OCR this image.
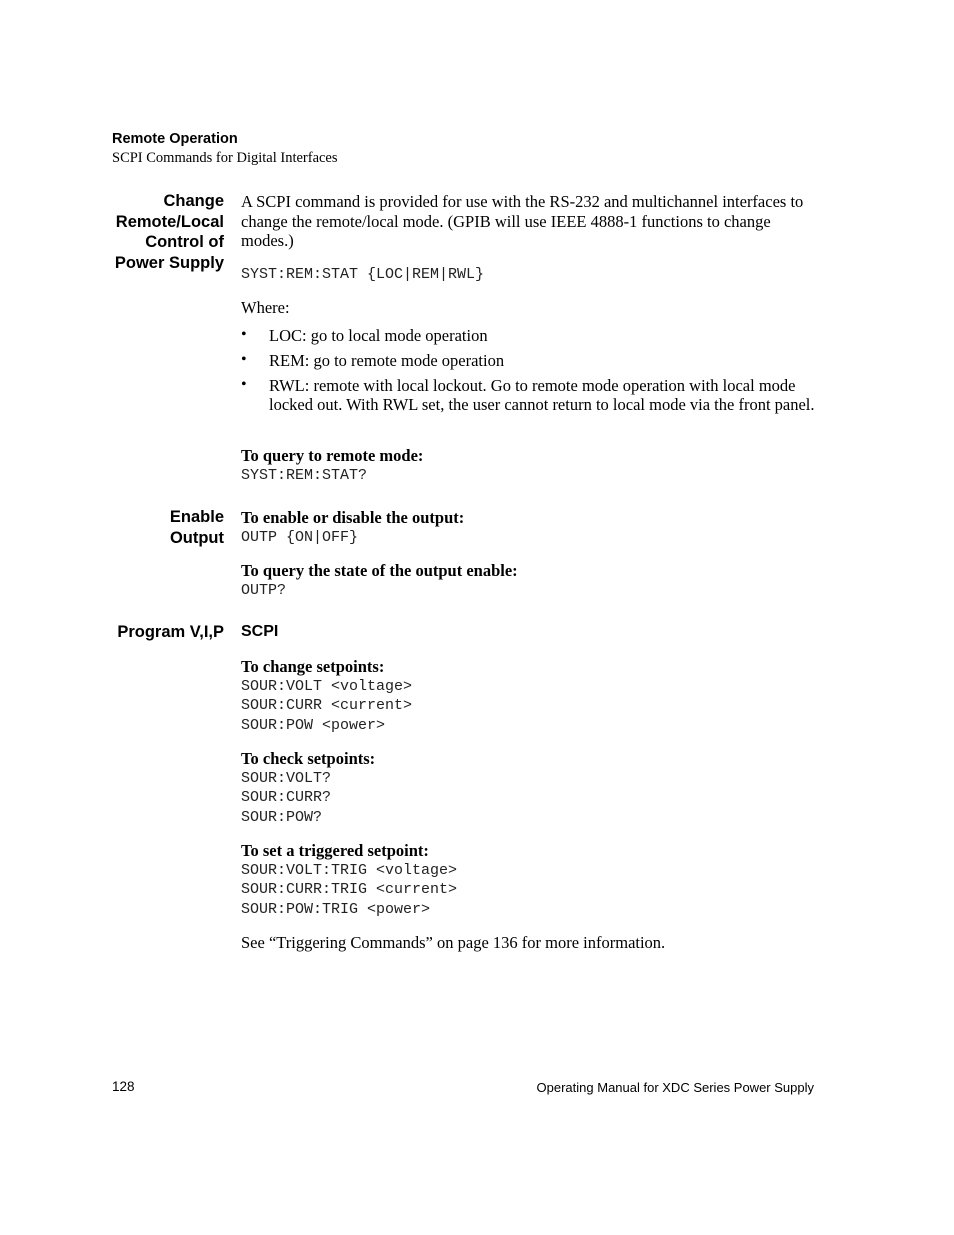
Remote Operation
SCPI Commands for Digital Interfaces
Change
Remote/Local
Control of
Power Supply

A SCPI command is provided for use with the RS-232 and multichannel interfaces to change the remote/local mode. (GPIB will use IEEE 4888-1 functions to change modes.)

SYST:REM:STAT {LOC|REM|RWL}

Where:

• LOC: go to local mode operation
• REM: go to remote mode operation
• RWL: remote with local lockout. Go to remote mode operation with local mode locked out. With RWL set, the user cannot return to local mode via the front panel.

To query to remote mode:

SYST:REM:STAT?

Enable
Output

To enable or disable the output:

OUTP {ON|OFF}

To query the state of the output enable:

OUTP?

Program V,I,P SCPI

To change setpoints:

SOUR:VOLT <voltage>

SOUR:CURR <current>

SOUR:POW <power>

To check setpoints:

SOUR:VOLT?

SOUR:CURR?

SOUR:POW?

To set a triggered setpoint:

SOUR:VOLT:TRIG <voltage>

SOUR:CURR:TRIG <current>

SOUR:POW:TRIG <power>

See “Triggering Commands” on page 136 for more information.

128	Operating Manual for XDC Series Power Supply
